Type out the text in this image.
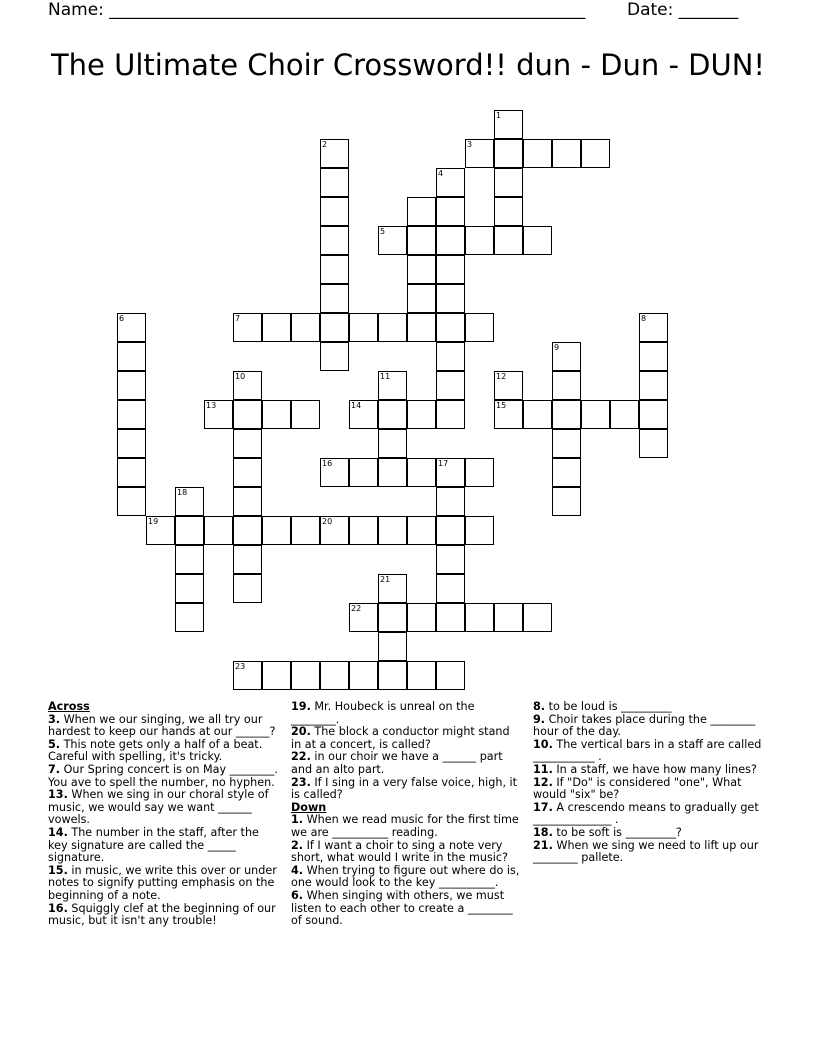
Name: ________________________________________________________ Date: _______
The Ultimate Choir Crossword!! dun - Dun - DUN!
2	3
4
5
6	7	8
9
10	11	12
15
13	14
16	17
18
19	20
21
22
23
1
Across
3. When we our singing, we all try our hardest to keep our hands at our ______?
5. This note gets only a half of a beat. Careful with spelling, it's tricky.
7. Our Spring concert is on May ________. You ave to spell the number, no hyphen.
13. When we sing in our choral style of music, we would say we want ______ vowels.
14. The number in the staff, after the key signature are called the _____ signature.
15. in music, we write this over or under notes to signify putting emphasis on the beginning of a note.
16. Squiggly clef at the beginning of our music, but it isn't any trouble!
19. Mr. Houbeck is unreal on the ________.
20. The block a conductor might stand in at a concert, is called?
22. in our choir we have a ______ part and an alto part.
23. If I sing in a very false voice, high, it is called?
Down
1. When we read music for the first time we are __________ reading.
2. If I want a choir to sing a note very short, what would I write in the music?
4. When trying to figure out where do is, one would look to the key __________.
6. When singing with others, we must listen to each other to create a ________ of sound.
8. to be loud is _________
9. Choir takes place during the ________ hour of the day.
10. The vertical bars in a staff are called ___________ .
11. In a staff, we have how many lines?
12. If "Do" is considered "one", What would "six" be?
17. A crescendo means to gradually get ______________ .
18. to be soft is _________?
21. When we sing we need to lift up our ________ pallete.
